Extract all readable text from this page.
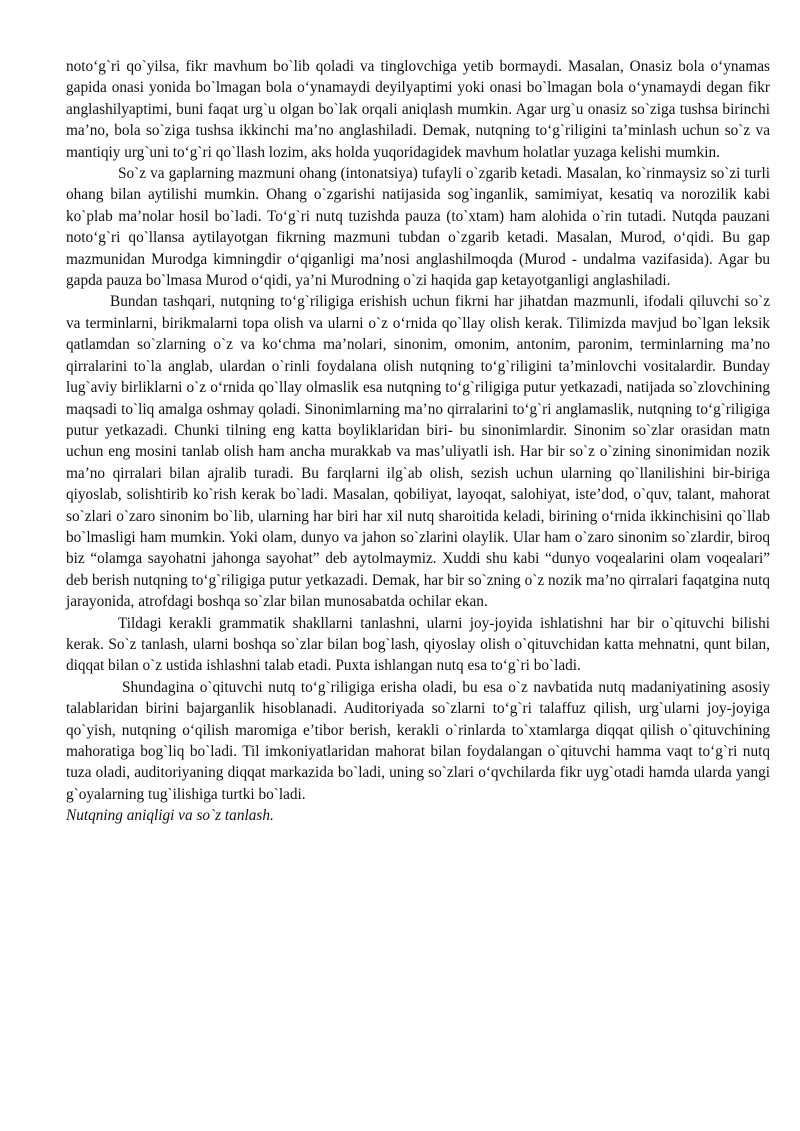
noto‘g`ri qo`yilsa, fikr mavhum bo`lib qoladi va tinglovchiga yetib bormaydi. Masalan, Onasiz bola o‘ynamas gapida onasi yonida bo`lmagan bola o‘ynamaydi deyilyaptimi yoki onasi bo`lmagan bola o‘ynamaydi degan fikr anglashilyaptimi, buni faqat urg`u olgan bo`lak orqali aniqlash mumkin. Agar urg`u onasiz so`ziga tushsa birinchi ma’no, bola so`ziga tushsa ikkinchi ma’no anglashiladi. Demak, nutqning to‘g`riligini ta’minlash uchun so`z va mantiqiy urg`uni to‘g`ri qo`llash lozim, aks holda yuqoridagidek mavhum holatlar yuzaga kelishi mumkin.

So`z va gaplarning mazmuni ohang (intonatsiya) tufayli o`zgarib ketadi. Masalan, ko`rinmaysiz so`zi turli ohang bilan aytilishi mumkin. Ohang o`zgarishi natijasida sog`inganlik, samimiyat, kesatiq va norozilik kabi ko`plab ma’nolar hosil bo`ladi. To‘g`ri nutq tuzishda pauza (to`xtam) ham alohida o`rin tutadi. Nutqda pauzani noto‘g`ri qo`llansa aytilayotgan fikrning mazmuni tubdan o`zgarib ketadi. Masalan, Murod, o‘qidi. Bu gap mazmunidan Murodga kimningdir o‘qiganligi ma’nosi anglashilmoqda (Murod - undalma vazifasida). Agar bu gapda pauza bo`lmasa Murod o‘qidi, ya’ni Murodning o`zi haqida gap ketayotganligi anglashiladi.

Bundan tashqari, nutqning to‘g`riligiga erishish uchun fikrni har jihatdan mazmunli, ifodali qiluvchi so`z va terminlarni, birikmalarni topa olish va ularni o`z o‘rnida qo`llay olish kerak. Tilimizda mavjud bo`lgan leksik qatlamdan so`zlarning o`z va ko‘chma ma’nolari, sinonim, omonim, antonim, paronim, terminlarning ma’no qirralarini to`la anglab, ulardan o`rinli foydalana olish nutqning to‘g`riligini ta’minlovchi vositalardir. Bunday lug`aviy birliklarni o`z o‘rnida qo`llay olmaslik esa nutqning to‘g`riligiga putur yetkazadi, natijada so`zlovchining maqsadi to`liq amalga oshmay qoladi. Sinonimlarning ma’no qirralarini to‘g`ri anglamaslik, nutqning to‘g`riligiga putur yetkazadi. Chunki tilning eng katta boyliklaridan biri- bu sinonimlardir. Sinonim so`zlar orasidan matn uchun eng mosini tanlab olish ham ancha murakkab va mas’uliyatli ish. Har bir so`z o`zining sinonimidan nozik ma’no qirralari bilan ajralib turadi. Bu farqlarni ilg`ab olish, sezish uchun ularning qo`llanilishini bir-biriga qiyoslab, solishtirib ko`rish kerak bo`ladi. Masalan, qobiliyat, layoqat, salohiyat, iste’dod, o`quv, talant, mahorat so`zlari o`zaro sinonim bo`lib, ularning har biri har xil nutq sharoitida keladi, birining o‘rnida ikkinchisini qo`llab bo`lmasligi ham mumkin. Yoki olam, dunyo va jahon so`zlarini olaylik. Ular ham o`zaro sinonim so`zlardir, biroq biz “olamga sayohatni jahonga sayohat” deb aytolmaymiz. Xuddi shu kabi “dunyo voqealarini olam voqealari” deb berish nutqning to‘g`riligiga putur yetkazadi. Demak, har bir so`zning o`z nozik ma’no qirralari faqatgina nutq jarayonida, atrofdagi boshqa so`zlar bilan munosabatda ochilar ekan.

Tildagi kerakli grammatik shakllarni tanlashni, ularni joy-joyida ishlatishni har bir o`qituvchi bilishi kerak. So`z tanlash, ularni boshqa so`zlar bilan bog`lash, qiyoslay olish o`qituvchidan katta mehnatni, qunt bilan, diqqat bilan o`z ustida ishlashni talab etadi. Puxta ishlangan nutq esa to‘g`ri bo`ladi.

Shundagina o`qituvchi nutq to‘g`riligiga erisha oladi, bu esa o`z navbatida nutq madaniyatining asosiy talablaridan birini bajarganlik hisoblanadi. Auditoriyada so`zlarni to‘g`ri talaffuz qilish, urg`ularni joy-joyiga qo`yish, nutqning o‘qilish maromiga e’tibor berish, kerakli o`rinlarda to`xtamlarga diqqat qilish o`qituvchining mahoratiga bog`liq bo`ladi. Til imkoniyatlaridan mahorat bilan foydalangan o`qituvchi hamma vaqt to‘g`ri nutq tuza oladi, auditoriyaning diqqat markazida bo`ladi, uning so`zlari o‘qvchilarda fikr uyg`otadi hamda ularda yangi g`oyalarning tug`ilishiga turtki bo`ladi.

Nutqning aniqligi va so`z tanlash.
